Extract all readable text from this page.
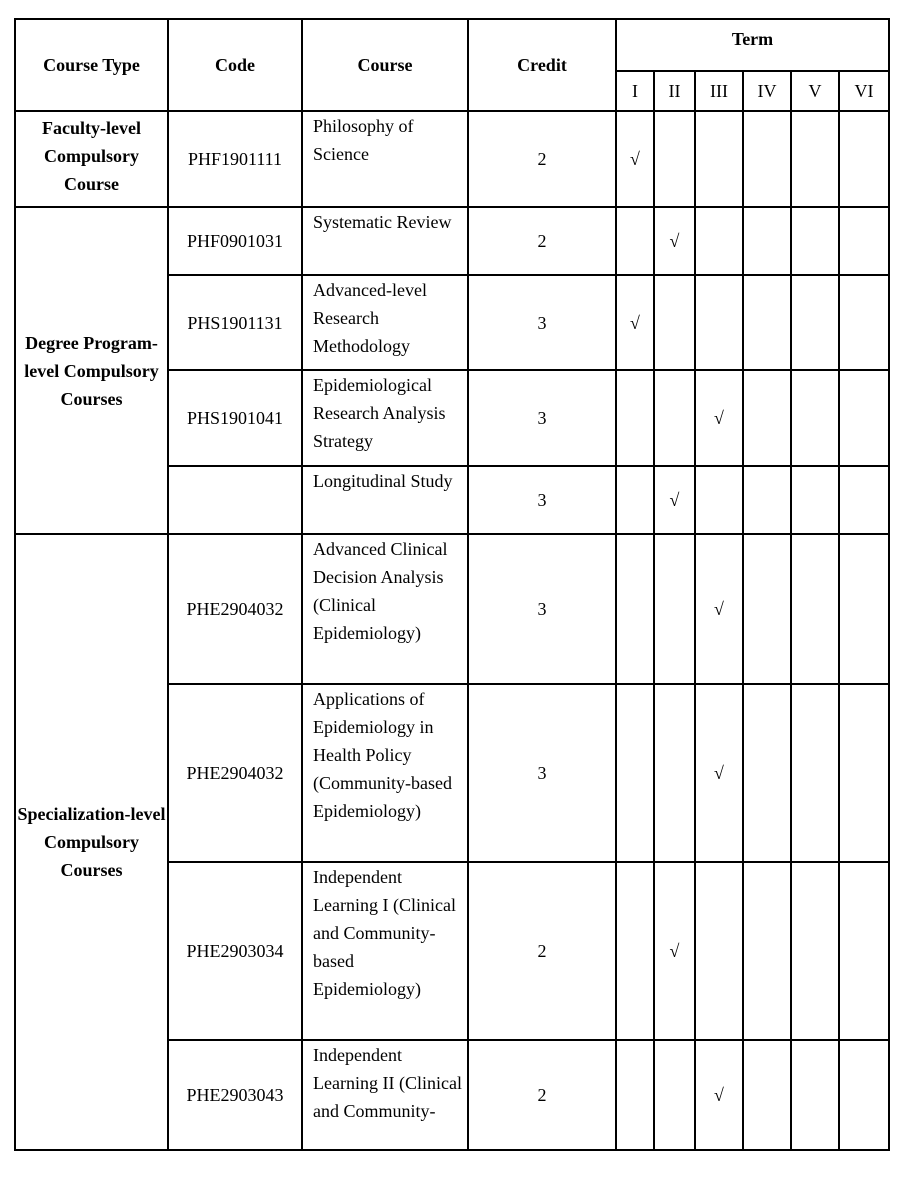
Course Type	Code	Course	Credit	Term					

				I	II	III	IV	V	VI
Faculty-level Compulsory Course	PHF1901111	Philosophy of Science	2	√					
Degree Program-level Compulsory Courses	PHF0901031	Systematic Review	2		√				
	PHS1901131	Advanced-level Research Methodology	3	√					
	PHS1901041	Epidemiological Research Analysis Strategy	3			√			
		Longitudinal Study	3		√				
Specialization-level Compulsory Courses	PHE2904032	Advanced Clinical Decision Analysis (Clinical Epidemiology)	3			√			
	PHE2904032	Applications of Epidemiology in Health Policy (Community-based Epidemiology)	3			√			
	PHE2903034	Independent Learning I (Clinical and Community-based Epidemiology)	2		√				
	PHE2903043	Independent Learning II (Clinical and Community-	2			√			
